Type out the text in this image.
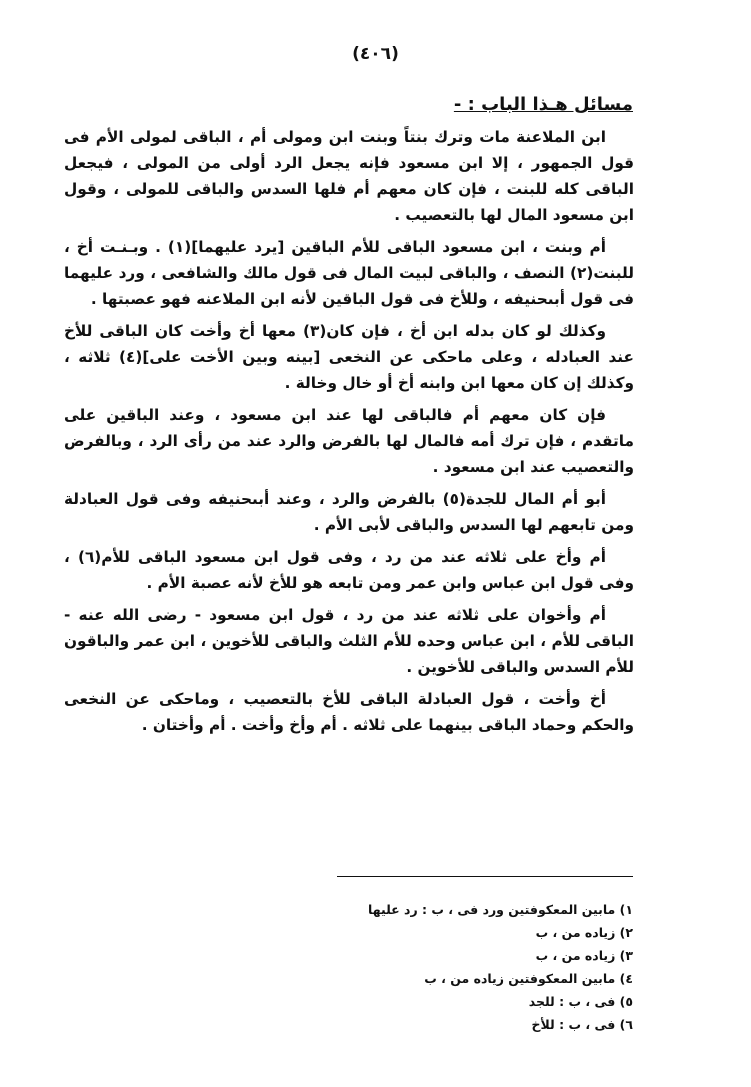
(٤٠٦)
مسائل هـذا الباب : -

ابن الملاعنة مات وترك بنتاً وبنت ابن ومولى أم ، الباقى لمولى الأم فى قول الجمهور ، إلا ابن مسعود فإنه يجعل الرد أولى من المولى ، فيجعل الباقى كله للبنت ، فإن كان معهم أم فلها السدس والباقى للمولى ، وقول ابن مسعود المال لها بالتعصيب .

أم وبنت ، ابن مسعود الباقى للأم الباقين [يرد عليهما](١) . وبـنـت أخ ، للبنت(٢) النصف ، والباقى لبيت المال فى قول مالك والشافعى ، ورد عليهما فى قول أبىحنيفه ، وللأخ فى قول الباقين لأنه ابن الملاعنه فهو عصبتها .

وكذلك لو كان بدله ابن أخ ، فإن كان(٣) معها أخ وأخت كان الباقى للأخ عند العبادله ، وعلى ماحكى عن النخعى [بينه وبين الأخت على](٤) ثلاثه ، وكذلك إن كان معها ابن وابنه أخ أو خال وخالة .

فإن كان معهم أم فالباقى لها عند ابن مسعود ، وعند الباقين على ماتقدم ، فإن ترك أمه فالمال لها بالفرض والرد عند من رأى الرد ، وبالفرض والتعصيب عند ابن مسعود .

أبو أم المال للجدة(٥) بالفرض والرد ، وعند أبىحنيفه وفى قول العبادلة ومن تابعهم لها السدس والباقى لأبى الأم .

أم وأخ على ثلاثه عند من رد ، وفى قول ابن مسعود الباقى للأم(٦) ، وفى قول ابن عباس وابن عمر ومن تابعه هو للأخ لأنه عصبة الأم .

أم وأخوان على ثلاثه عند من رد ، قول ابن مسعود - رضى الله عنه - الباقى للأم ، ابن عباس وحده للأم الثلث والباقى للأخوين ، ابن عمر والباقون للأم السدس والباقى للأخوين .

أخ وأخت ، قول العبادلة الباقى للأخ بالتعصيب ، وماحكى عن النخعى والحكم وحماد الباقى بينهما على ثلاثه . أم وأخ وأخت . أم وأختان .

١) مابين المعكوفتين ورد فى ، ب : رد عليها

٢) زياده من ، ب

٣) زياده من ، ب

٤) مابين المعكوفتين زياده من ، ب

٥) فى ، ب : للجد

٦) فى ، ب : للأخ
